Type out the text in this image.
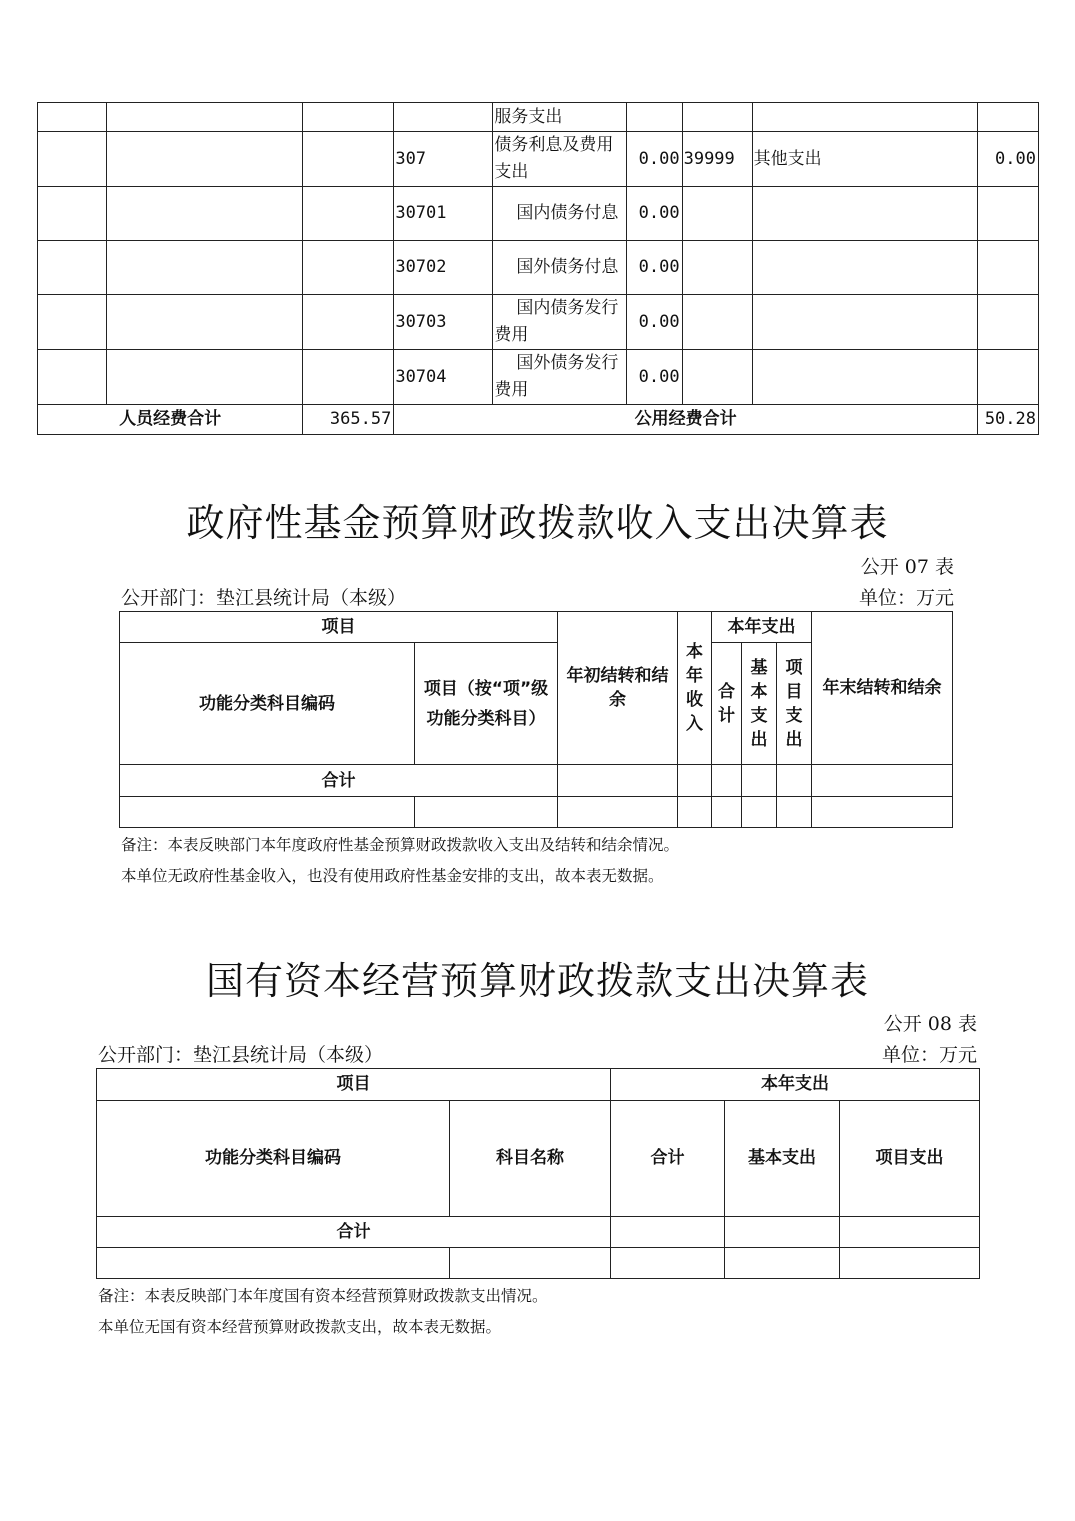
				服务支出				
			307	债务利息及费用支出	0.00	39999	其他支出	0.00
			30701	国内债务付息	0.00			
			30702	国外债务付息	0.00			
			30703	国内债务发行费用	0.00			
			30704	国外债务发行费用	0.00			
人员经费合计		365.57	公用经费合计					50.28
政府性基金预算财政拨款收入支出决算表
公开 07 表
公开部门：垫江县统计局（本级）	单位：万元
项目		年初结转和结余	本年收入	本年支出			年末结转和结余
功能分类科目编码	项目（按“项”级功能分类科目）			合计	基本支出	项目支出	
合计							

备注：本表反映部门本年度政府性基金预算财政拨款收入支出及结转和结余情况。
本单位无政府性基金收入，也没有使用政府性基金安排的支出，故本表无数据。
国有资本经营预算财政拨款支出决算表
公开 08 表
公开部门：垫江县统计局（本级）	单位：万元
项目		本年支出		
功能分类科目编码	科目名称	合计	基本支出	项目支出
合计				

备注：本表反映部门本年度国有资本经营预算财政拨款支出情况。
本单位无国有资本经营预算财政拨款支出，故本表无数据。
